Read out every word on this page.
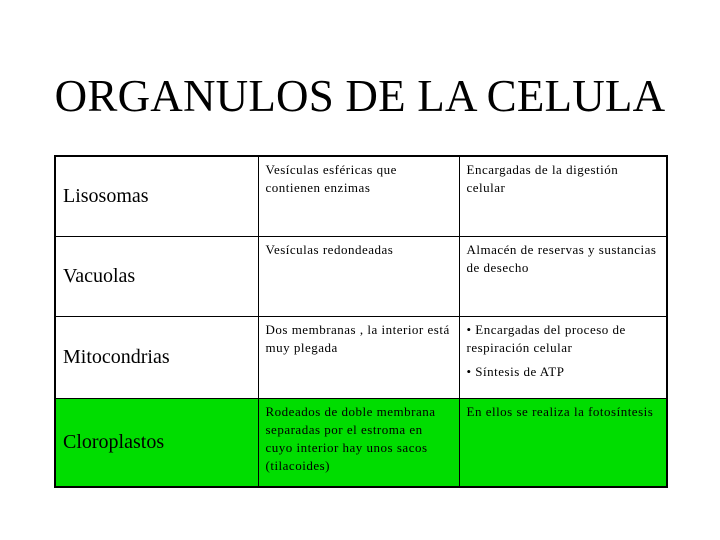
ORGANULOS DE LA CELULA
Lisosomas	Vesículas esféricas que contienen enzimas	Encargadas de la digestión celular
Vacuolas	Vesículas redondeadas	Almacén de reservas y sustancias de desecho
Mitocondrias	Dos membranas , la interior está muy plegada	• Encargadas del proceso de respiración celular
• Síntesis de ATP

Cloroplastos	Rodeados de doble membrana separadas por el estroma en cuyo interior hay unos sacos (tilacoides)	En ellos se realiza la fotosíntesis
